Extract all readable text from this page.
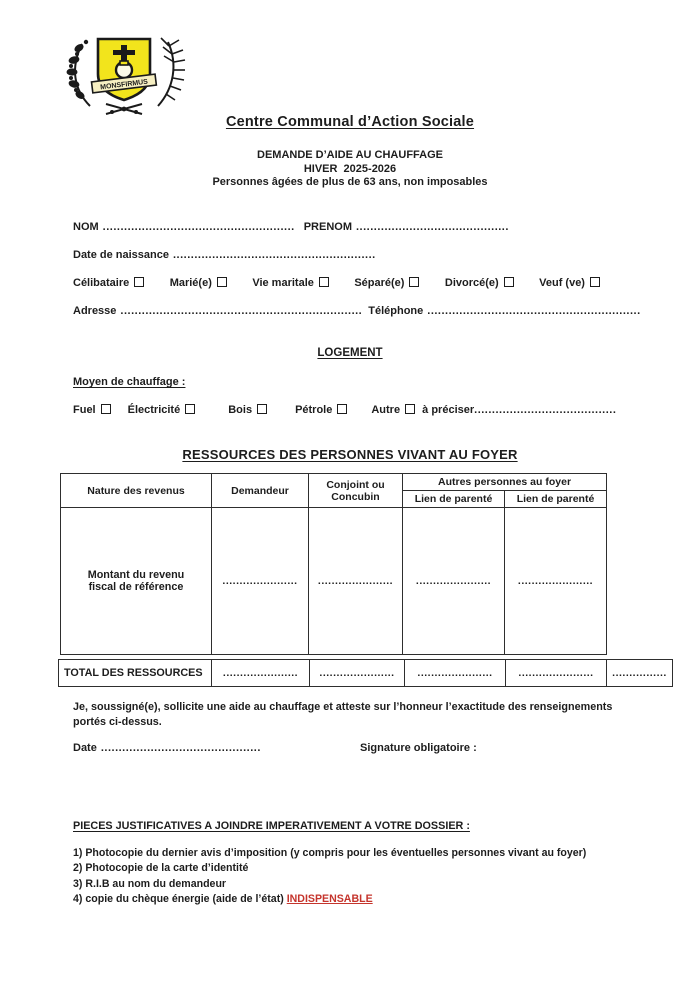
MONSFIRMUS
Centre Communal d’Action Sociale
DEMANDE D’AIDE AU CHAUFFAGE
HIVER  2025-2026
Personnes âgées de plus de 63 ans, non imposables
NOM ...................................................... PRENOM ...........................................
Date de naissance .........................................................
Célibataire	Marié(e)	Vie maritale	Séparé(e)	Divorcé(e)	Veuf (ve)
Adresse .................................................................... Téléphone ............................................................
LOGEMENT
Moyen de chauffage :
Fuel	Électricité	Bois	Pétrole	Autre à préciser........................................
RESSOURCES DES PERSONNES VIVANT AU FOYER
Nature des revenus	Demandeur	Conjoint ou Concubin	Autres personnes au foyer	
			Lien de parenté	Lien de parenté
Montant du revenu fiscal de référence	......................	......................	......................	......................
TOTAL DES RESSOURCES	......................	......................	......................	......................	................
Je, soussigné(e), sollicite une aide au chauffage et atteste sur l’honneur l’exactitude des renseignements
portés ci-dessus.
Date .............................................	Signature obligatoire :
PIECES JUSTIFICATIVES A JOINDRE IMPERATIVEMENT A VOTRE DOSSIER :
1) Photocopie du dernier avis d’imposition (y compris pour les éventuelles personnes vivant au foyer)
2) Photocopie de la carte d’identité
3) R.I.B au nom du demandeur
4) copie du chèque énergie (aide de l’état) INDISPENSABLE
